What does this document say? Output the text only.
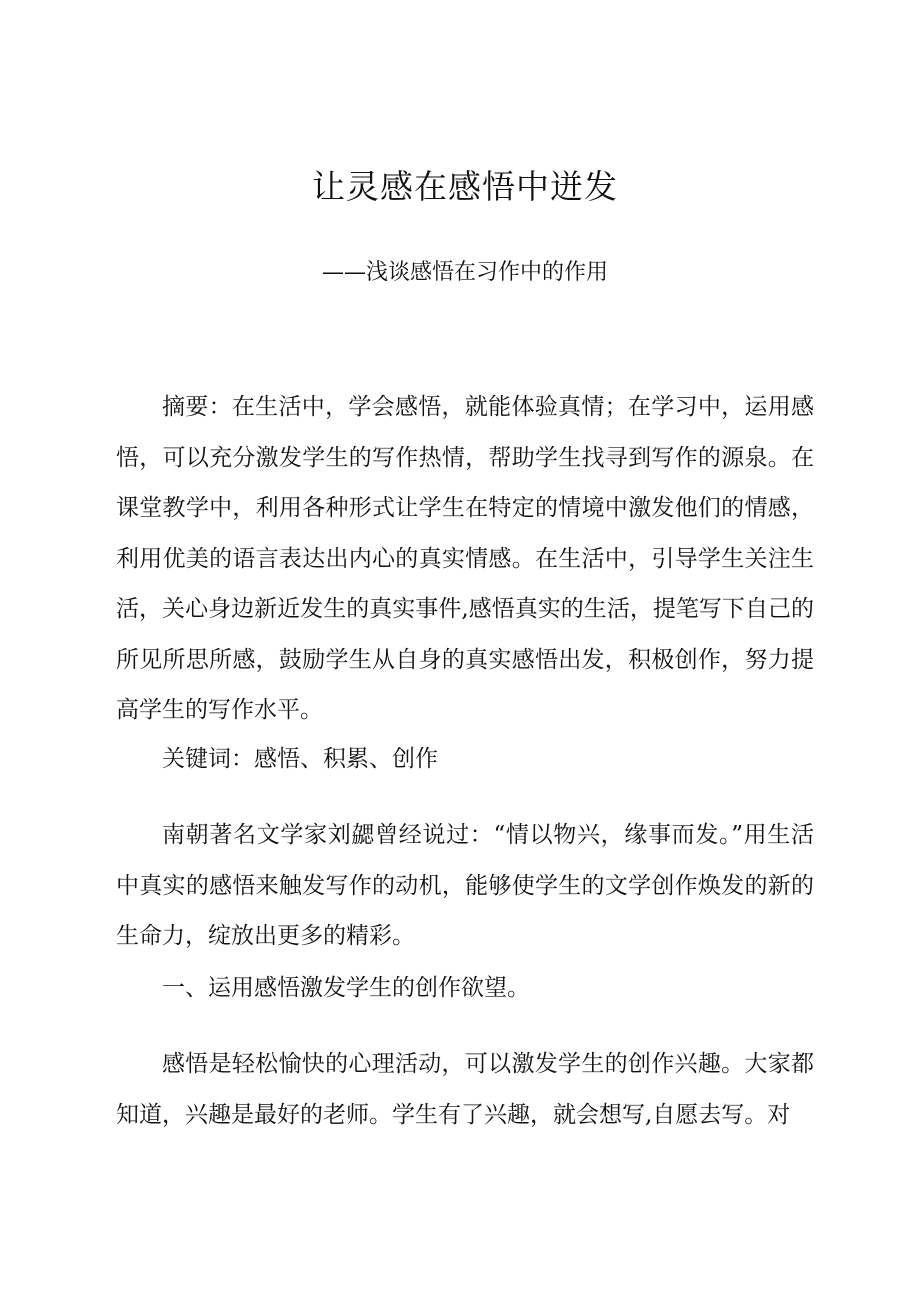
让灵感在感悟中迸发
——浅谈感悟在习作中的作用

摘要：在生活中，学会感悟，就能体验真情；在学习中，运用感悟，可以充分激发学生的写作热情，帮助学生找寻到写作的源泉。在课堂教学中，利用各种形式让学生在特定的情境中激发他们的情感，利用优美的语言表达出内心的真实情感。在生活中，引导学生关注生活，关心身边新近发生的真实事件,感悟真实的生活，提笔写下自己的所见所思所感，鼓励学生从自身的真实感悟出发，积极创作，努力提高学生的写作水平。

关键词：感悟、积累、创作

南朝著名文学家刘勰曾经说过：“情以物兴，缘事而发。”用生活中真实的感悟来触发写作的动机，能够使学生的文学创作焕发的新的生命力，绽放出更多的精彩。

一、运用感悟激发学生的创作欲望。

感悟是轻松愉快的心理活动，可以激发学生的创作兴趣。大家都知道，兴趣是最好的老师。学生有了兴趣，就会想写,自愿去写。对
